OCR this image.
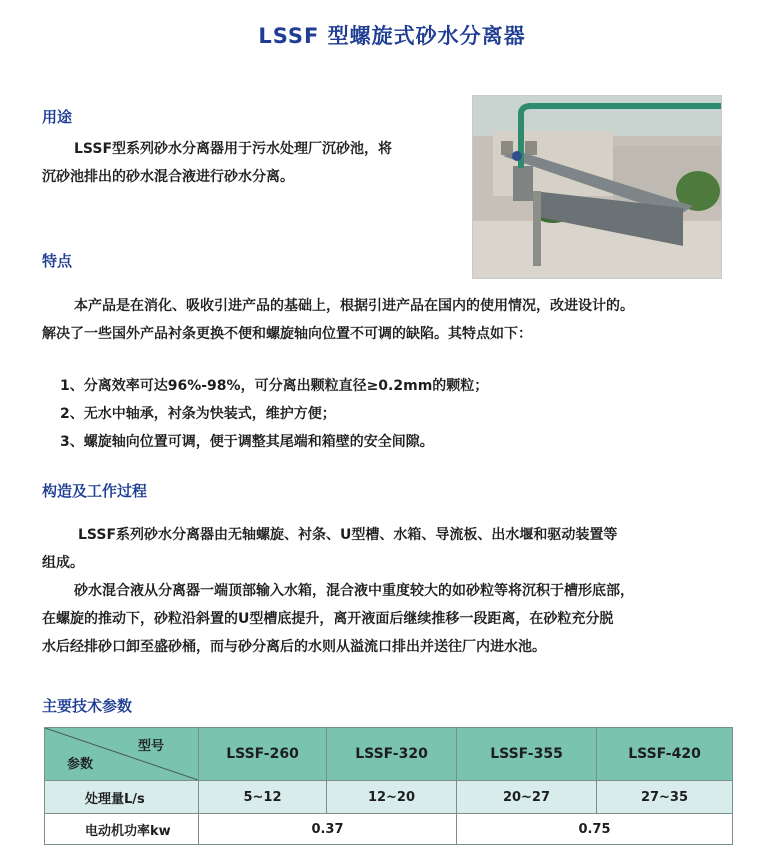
LSSF 型螺旋式砂水分离器
用途

LSSF型系列砂水分离器用于污水处理厂沉砂池，将

沉砂池排出的砂水混合液进行砂水分离。

特点

本产品是在消化、吸收引进产品的基础上，根据引进产品在国内的使用情况，改进设计的。

解决了一些国外产品衬条更换不便和螺旋轴向位置不可调的缺陷。其特点如下：

1、分离效率可达96%-98%，可分离出颗粒直径≥0.2mm的颗粒；
2、无水中轴承，衬条为快装式，维护方便；
3、螺旋轴向位置可调，便于调整其尾端和箱壁的安全间隙。
构造及工作过程

LSSF系列砂水分离器由无轴螺旋、衬条、U型槽、水箱、导流板、出水堰和驱动装置等

组成。

砂水混合液从分离器一端顶部输入水箱，混合液中重度较大的如砂粒等将沉积于槽形底部，

在螺旋的推动下，砂粒沿斜置的U型槽底提升，离开液面后继续推移一段距离，在砂粒充分脱

水后经排砂口卸至盛砂桶，而与砂分离后的水则从溢流口排出并送往厂内进水池。

主要技术参数
型号
参数	LSSF-260	LSSF-320	LSSF-355	LSSF-420
处理量L/s	5~12	12~20	20~27	27~35
电动机功率kw	0.37		0.75	
